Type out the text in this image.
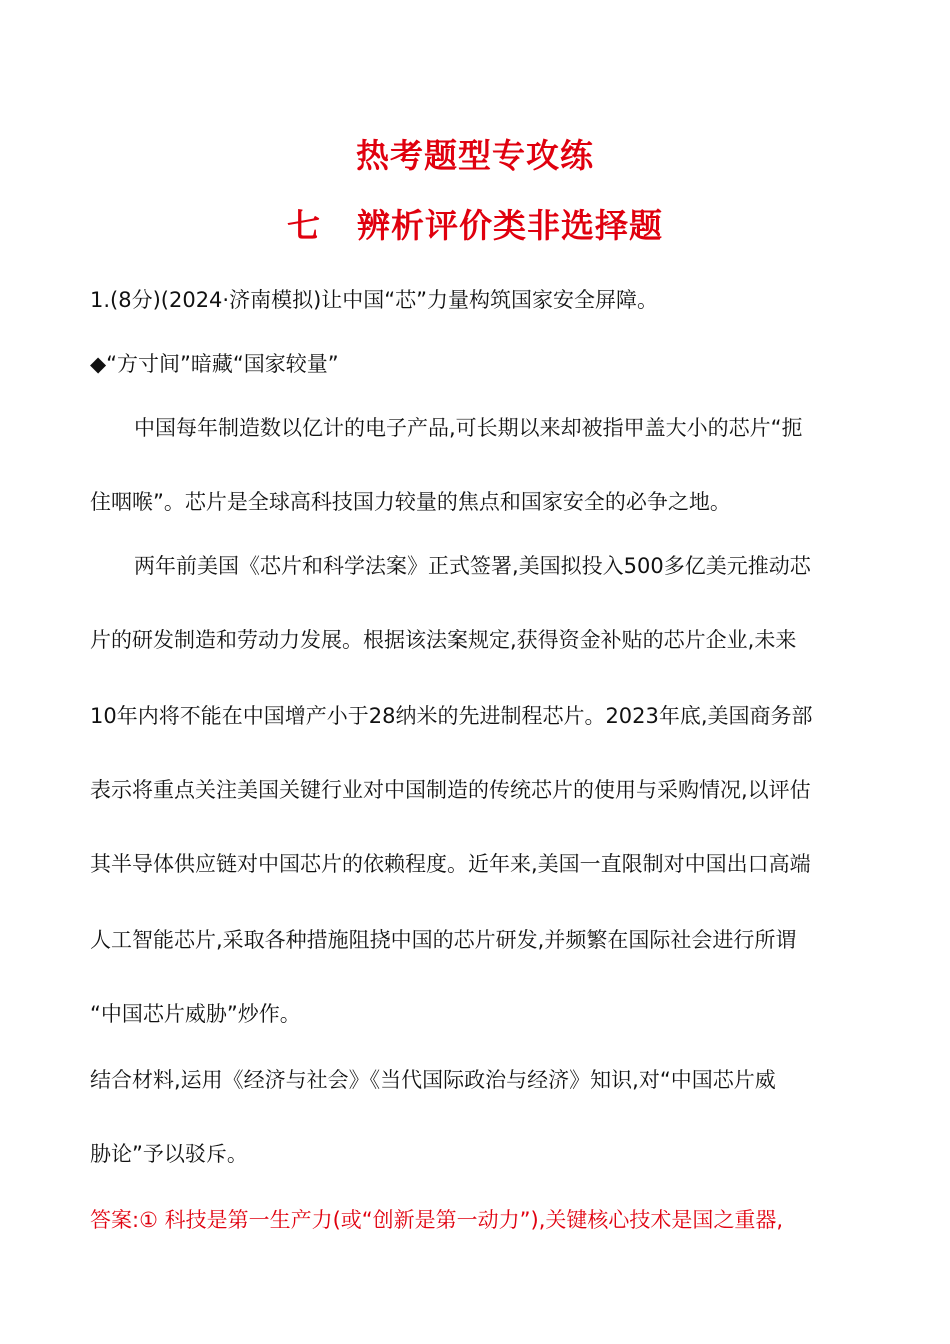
热考题型专攻练
七 辨析评价类非选择题
1.(8分)(2024·济南模拟)让中国“芯”力量构筑国家安全屏障。
◆“方寸间”暗藏“国家较量”
中国每年制造数以亿计的电子产品,可长期以来却被指甲盖大小的芯片“扼
住咽喉”。芯片是全球高科技国力较量的焦点和国家安全的必争之地。
两年前美国《芯片和科学法案》正式签署,美国拟投入500多亿美元推动芯
片的研发制造和劳动力发展。根据该法案规定,获得资金补贴的芯片企业,未来
10年内将不能在中国增产小于28纳米的先进制程芯片。2023年底,美国商务部
表示将重点关注美国关键行业对中国制造的传统芯片的使用与采购情况,以评估
其半导体供应链对中国芯片的依赖程度。近年来,美国一直限制对中国出口高端
人工智能芯片,采取各种措施阻挠中国的芯片研发,并频繁在国际社会进行所谓
“中国芯片威胁”炒作。
结合材料,运用《经济与社会》《当代国际政治与经济》知识,对“中国芯片威
胁论”予以驳斥。
答案:① 科技是第一生产力(或“创新是第一动力”),关键核心技术是国之重器,
